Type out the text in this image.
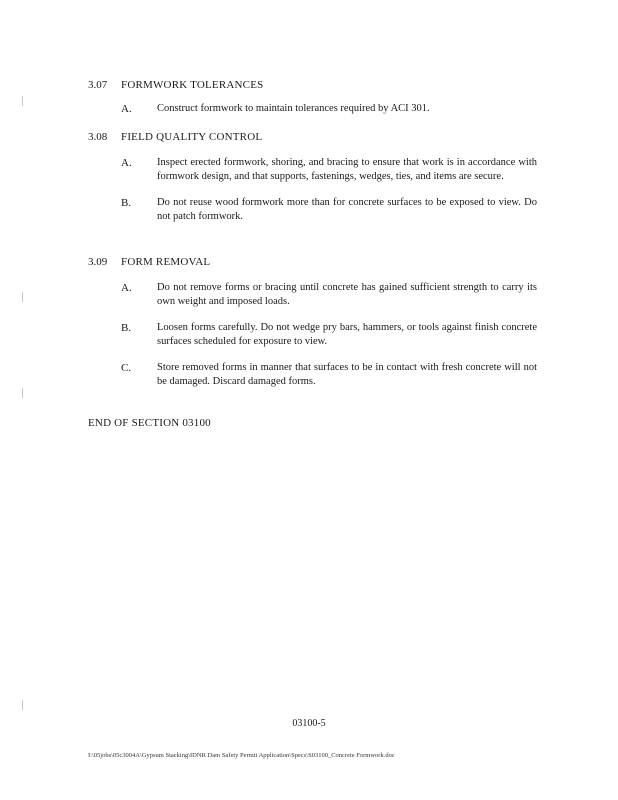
3.07	FORMWORK TOLERANCES
A.	Construct formwork to maintain tolerances required by ACI 301.
3.08	FIELD QUALITY CONTROL
A.	Inspect erected formwork, shoring, and bracing to ensure that work is in accordance with formwork design, and that supports, fastenings, wedges, ties, and items are secure.
B.	Do not reuse wood formwork more than for concrete surfaces to be exposed to view. Do not patch formwork.
3.09	FORM REMOVAL
A.	Do not remove forms or bracing until concrete has gained sufficient strength to carry its own weight and imposed loads.
B.	Loosen forms carefully. Do not wedge pry bars, hammers, or tools against finish concrete surfaces scheduled for exposure to view.
C.	Store removed forms in manner that surfaces to be in contact with fresh concrete will not be damaged. Discard damaged forms.
END OF SECTION 03100
03100-5
I:\05jobs\05c3004A\Gypsum Stacking\IDNR Dam Safety Permit Application\Specs\S03100_Concrete Formwork.doc
